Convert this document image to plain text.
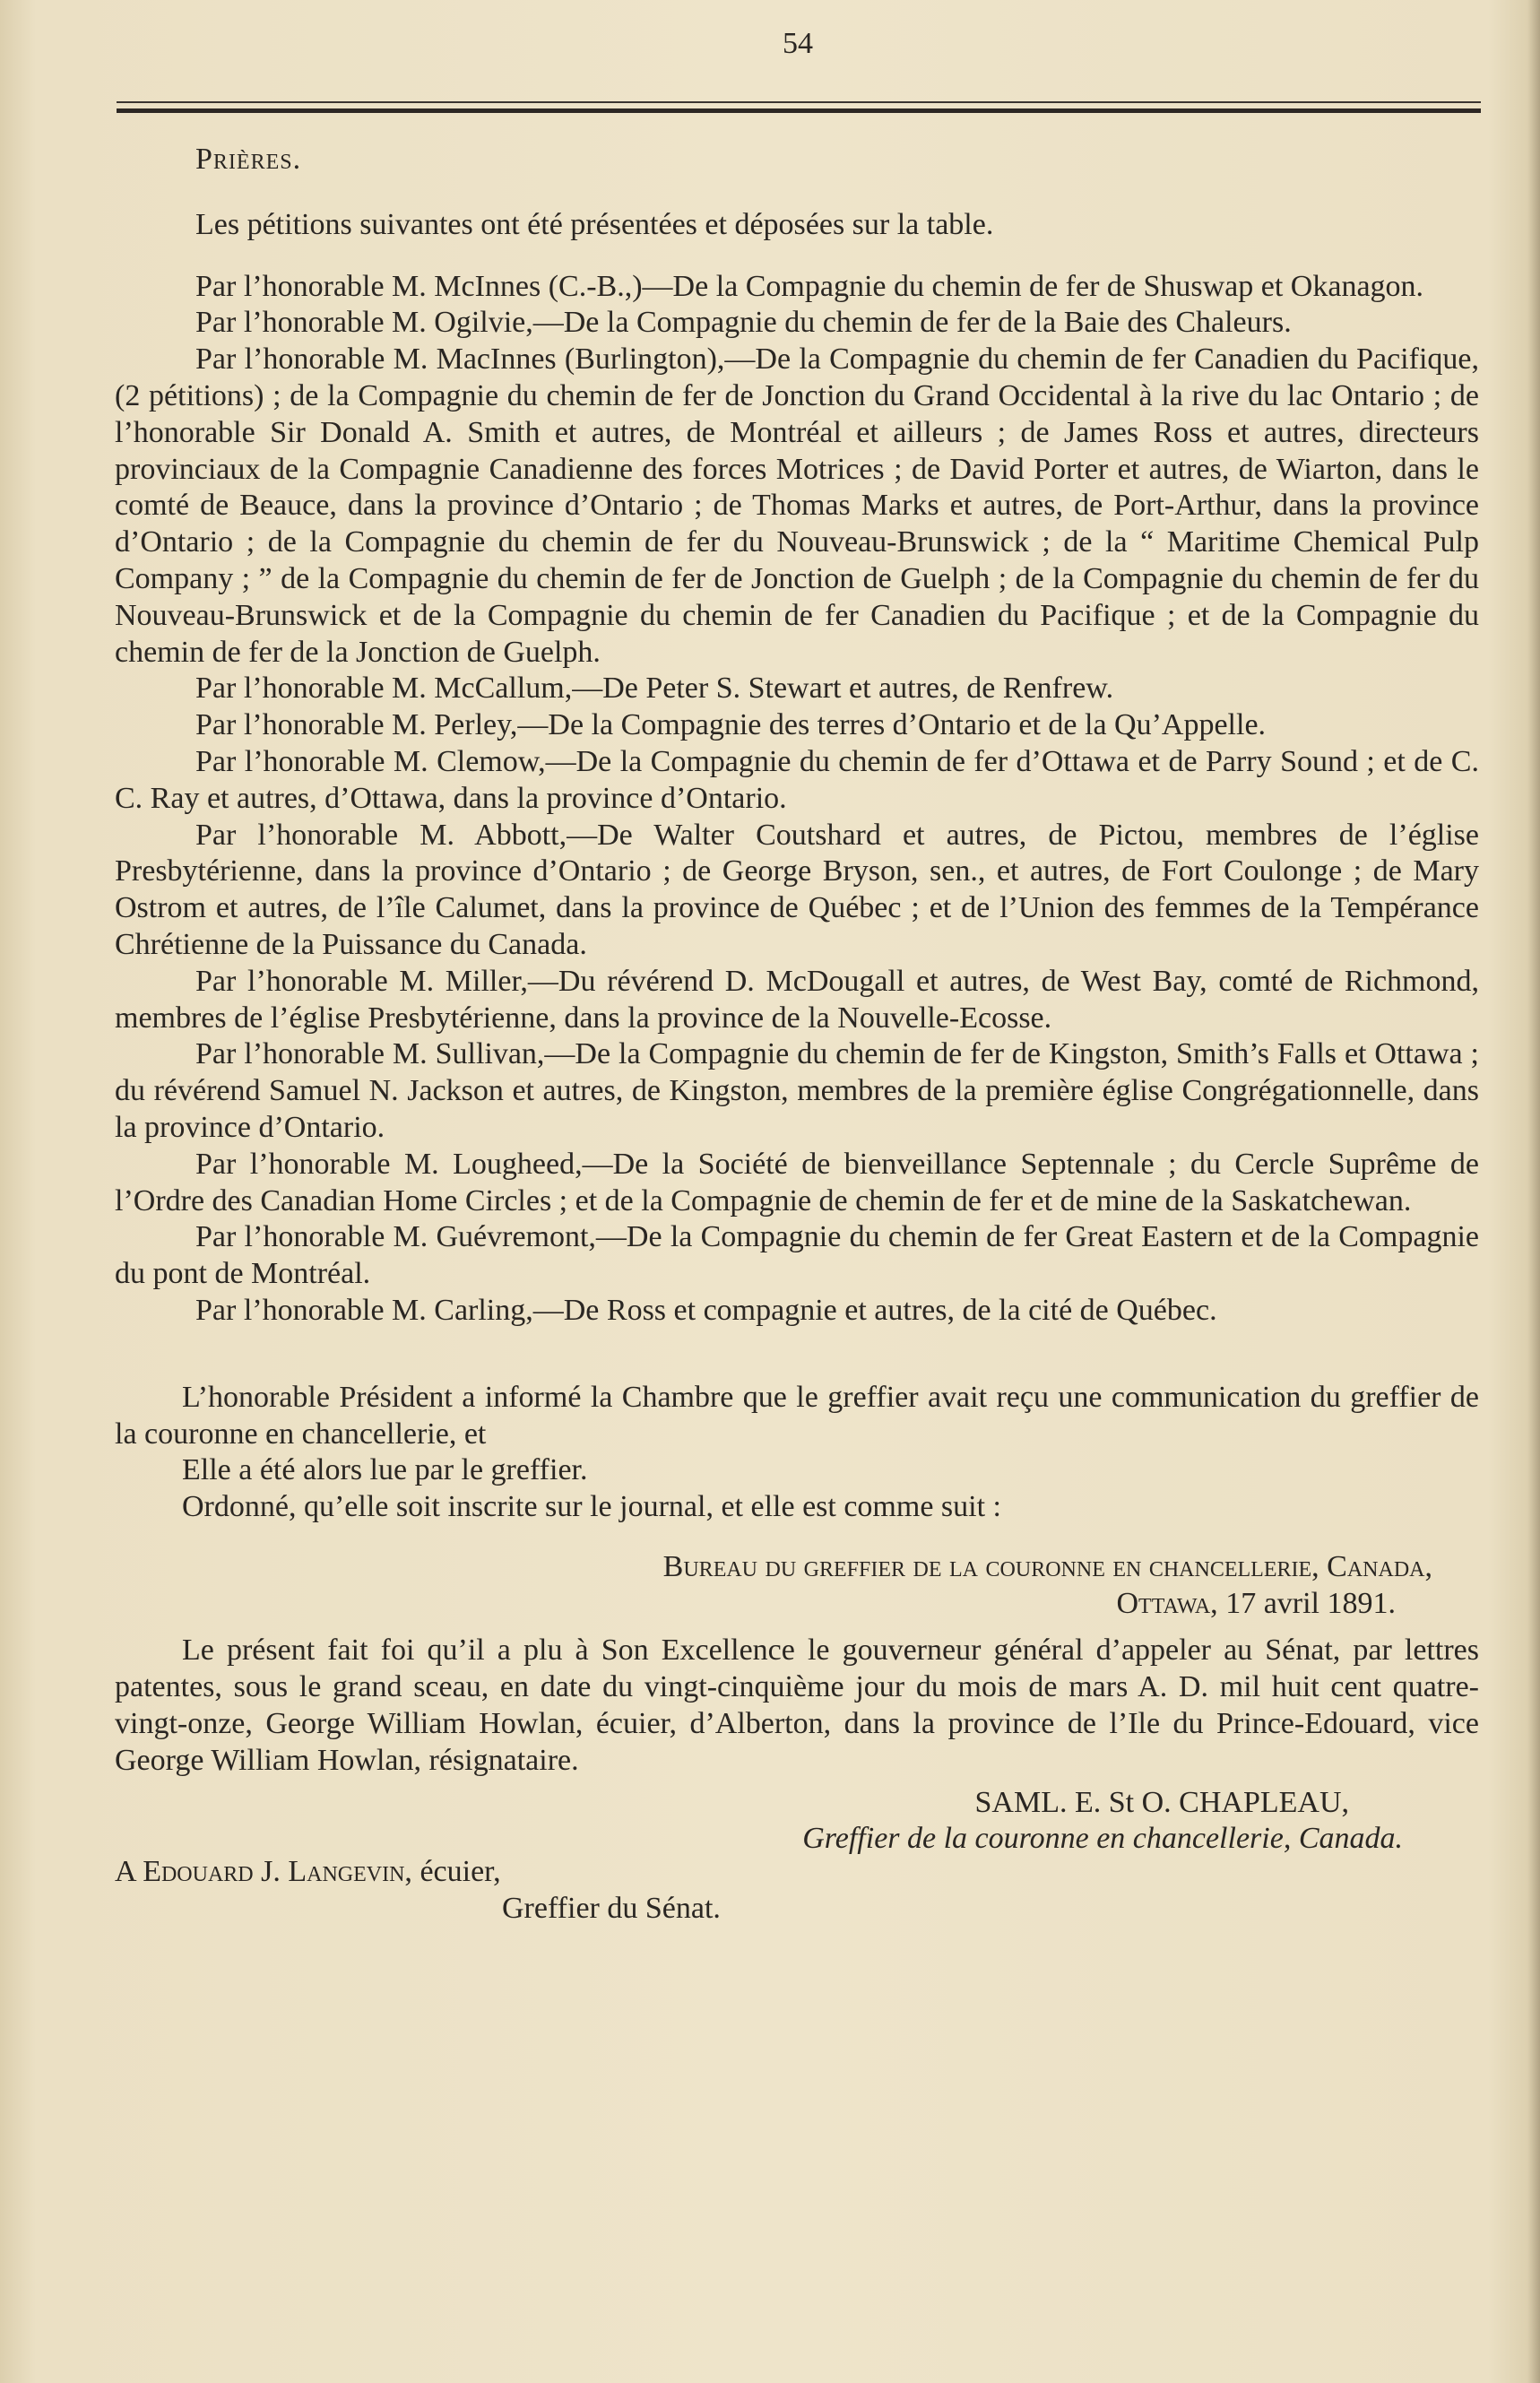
54

Prières.

Les pétitions suivantes ont été présentées et déposées sur la table.

Par l’honorable M. McInnes (C.-B.,)—De la Compagnie du chemin de fer de Shuswap et Okanagon.

Par l’honorable M. Ogilvie,—De la Compagnie du chemin de fer de la Baie des Chaleurs.

Par l’honorable M. MacInnes (Burlington),—De la Compagnie du chemin de fer Canadien du Pacifique, (2 pétitions) ; de la Compagnie du chemin de fer de Jonction du Grand Occidental à la rive du lac Ontario ; de l’honorable Sir Donald A. Smith et autres, de Montréal et ailleurs ; de James Ross et autres, directeurs provinciaux de la Compagnie Canadienne des forces Motrices ; de David Porter et autres, de Wiarton, dans le comté de Beauce, dans la province d’Ontario ; de Thomas Marks et autres, de Port-Arthur, dans la province d’Ontario ; de la Compagnie du chemin de fer du Nouveau-Brunswick ; de la “ Maritime Chemical Pulp Company ; ” de la Compagnie du chemin de fer de Jonction de Guelph ; de la Compagnie du chemin de fer du Nouveau-Brunswick et de la Compagnie du chemin de fer Canadien du Pacifique ; et de la Compagnie du chemin de fer de la Jonction de Guelph.

Par l’honorable M. McCallum,—De Peter S. Stewart et autres, de Renfrew.

Par l’honorable M. Perley,—De la Compagnie des terres d’Ontario et de la Qu’Appelle.

Par l’honorable M. Clemow,—De la Compagnie du chemin de fer d’Ottawa et de Parry Sound ; et de C. C. Ray et autres, d’Ottawa, dans la province d’Ontario.

Par l’honorable M. Abbott,—De Walter Coutshard et autres, de Pictou, membres de l’église Presbytérienne, dans la province d’Ontario ; de George Bryson, sen., et autres, de Fort Coulonge ; de Mary Ostrom et autres, de l’île Calumet, dans la province de Québec ; et de l’Union des femmes de la Tempérance Chrétienne de la Puissance du Canada.

Par l’honorable M. Miller,—Du révérend D. McDougall et autres, de West Bay, comté de Richmond, membres de l’église Presbytérienne, dans la province de la Nouvelle-Ecosse.

Par l’honorable M. Sullivan,—De la Compagnie du chemin de fer de Kingston, Smith’s Falls et Ottawa ; du révérend Samuel N. Jackson et autres, de Kingston, membres de la première église Congrégationnelle, dans la province d’Ontario.

Par l’honorable M. Lougheed,—De la Société de bienveillance Septennale ; du Cercle Suprême de l’Ordre des Canadian Home Circles ; et de la Compagnie de chemin de fer et de mine de la Saskatchewan.

Par l’honorable M. Guévremont,—De la Compagnie du chemin de fer Great Eastern et de la Compagnie du pont de Montréal.

Par l’honorable M. Carling,—De Ross et compagnie et autres, de la cité de Québec.

L’honorable Président a informé la Chambre que le greffier avait reçu une communication du greffier de la couronne en chancellerie, et

Elle a été alors lue par le greffier.

Ordonné, qu’elle soit inscrite sur le journal, et elle est comme suit :

Bureau du greffier de la couronne en chancellerie, Canada,

Ottawa, 17 avril 1891.

Le présent fait foi qu’il a plu à Son Excellence le gouverneur général d’appeler au Sénat, par lettres patentes, sous le grand sceau, en date du vingt-cinquième jour du mois de mars A. D. mil huit cent quatre-vingt-onze, George William Howlan, écuier, d’Alberton, dans la province de l’Ile du Prince-Edouard, vice George William Howlan, résignataire.

SAML. E. St O. CHAPLEAU,

Greffier de la couronne en chancellerie, Canada.

A Edouard J. Langevin, écuier,

Greffier du Sénat.
